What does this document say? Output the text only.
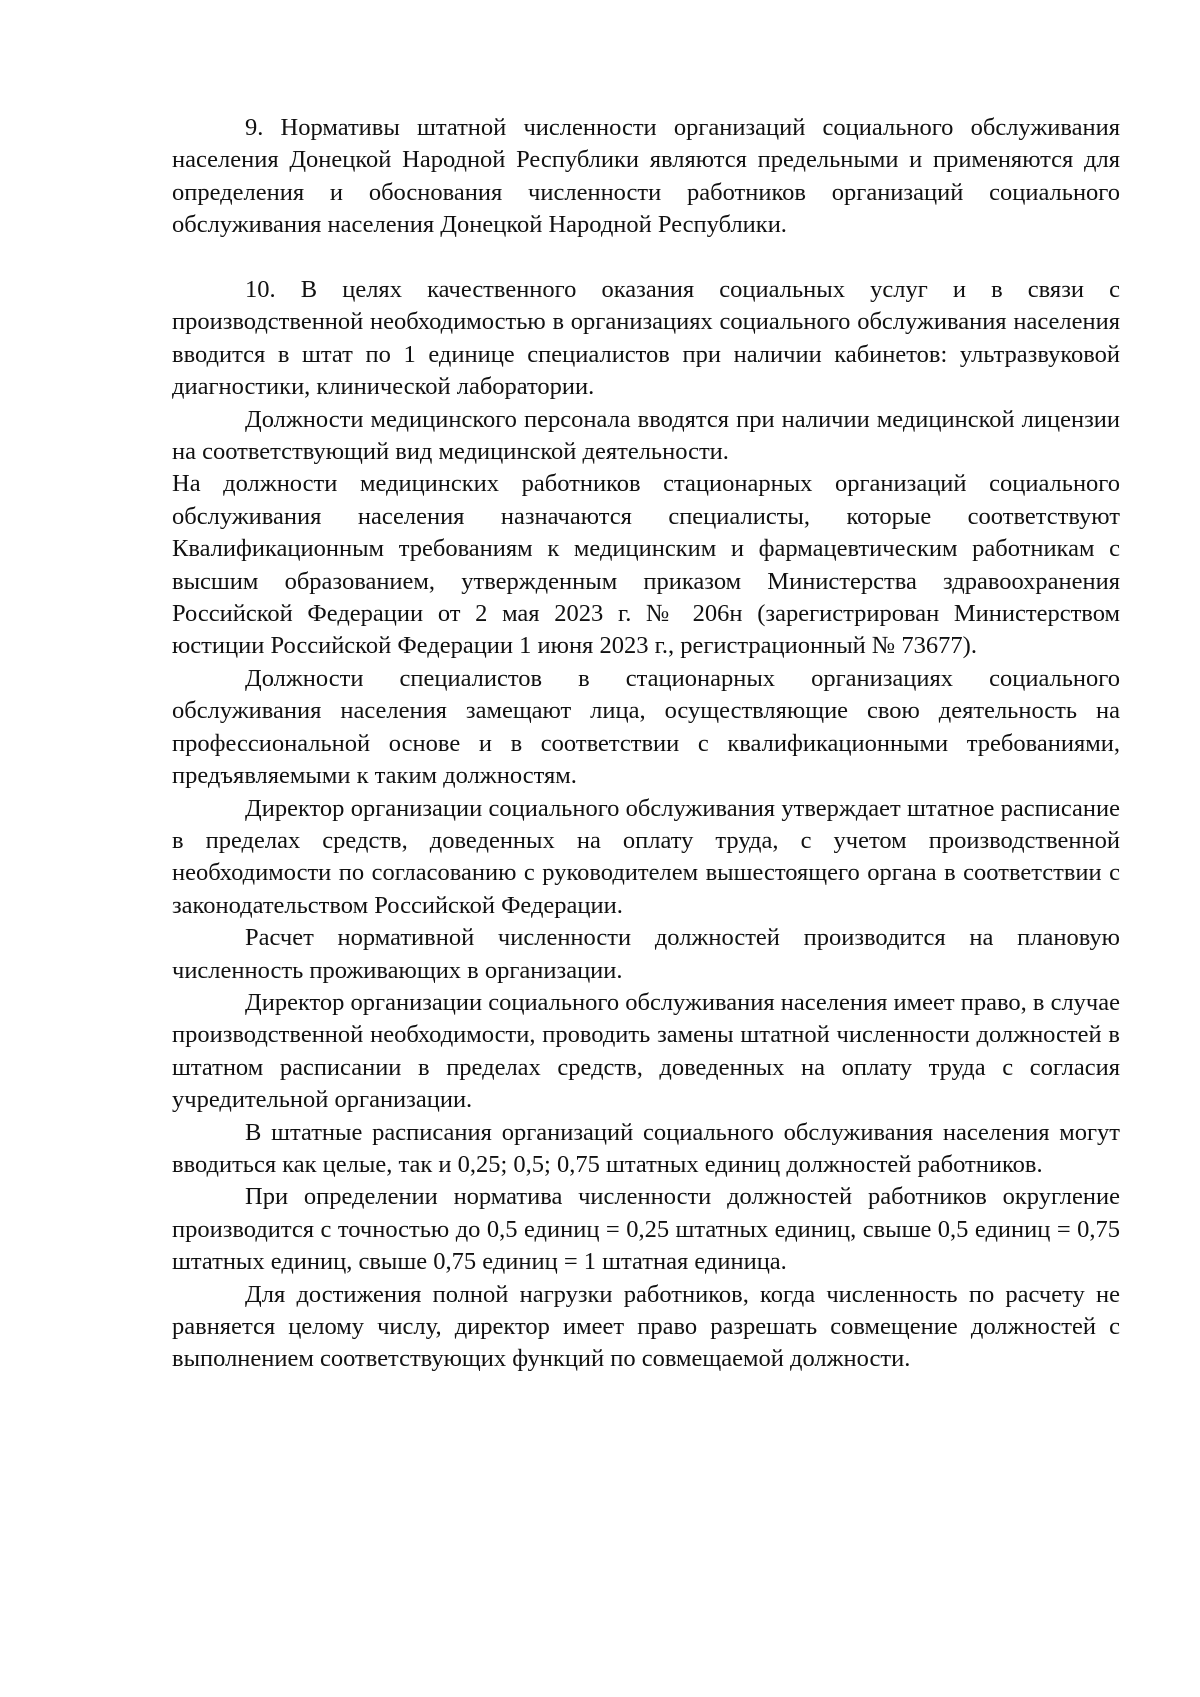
9. Нормативы штатной численности организаций социального обслуживания населения Донецкой Народной Республики являются предельными и применяются для определения и обоснования численности работников организаций социального обслуживания населения Донецкой Народной Республики.

10. В целях качественного оказания социальных услуг и в связи с производственной необходимостью в организациях социального обслуживания населения вводится в штат по 1 единице специалистов при наличии кабинетов: ультразвуковой диагностики, клинической лаборатории.

Должности медицинского персонала вводятся при наличии медицинской лицензии на соответствующий вид медицинской деятельности.

На должности медицинских работников стационарных организаций социального обслуживания населения назначаются специалисты, которые соответствуют Квалификационным требованиям к медицинским и фармацевтическим работникам с высшим образованием, утвержденным приказом Министерства здравоохранения Российской Федерации от 2 мая 2023 г. № 206н (зарегистрирован Министерством юстиции Российской Федерации 1 июня 2023 г., регистрационный № 73677).

Должности специалистов в стационарных организациях социального обслуживания населения замещают лица, осуществляющие свою деятельность на профессиональной основе и в соответствии с квалификационными требованиями, предъявляемыми к таким должностям.

Директор организации социального обслуживания утверждает штатное расписание в пределах средств, доведенных на оплату труда, с учетом производственной необходимости по согласованию с руководителем вышестоящего органа в соответствии с законодательством Российской Федерации.

Расчет нормативной численности должностей производится на плановую численность проживающих в организации.

Директор организации социального обслуживания населения имеет право, в случае производственной необходимости, проводить замены штатной численности должностей в штатном расписании в пределах средств, доведенных на оплату труда с согласия учредительной организации.

В штатные расписания организаций социального обслуживания населения могут вводиться как целые, так и 0,25; 0,5; 0,75 штатных единиц должностей работников.

При определении норматива численности должностей работников округление производится с точностью до 0,5 единиц = 0,25 штатных единиц, свыше 0,5 единиц = 0,75 штатных единиц, свыше 0,75 единиц = 1 штатная единица.

Для достижения полной нагрузки работников, когда численность по расчету не равняется целому числу, директор имеет право разрешать совмещение должностей с выполнением соответствующих функций по совмещаемой должности.
